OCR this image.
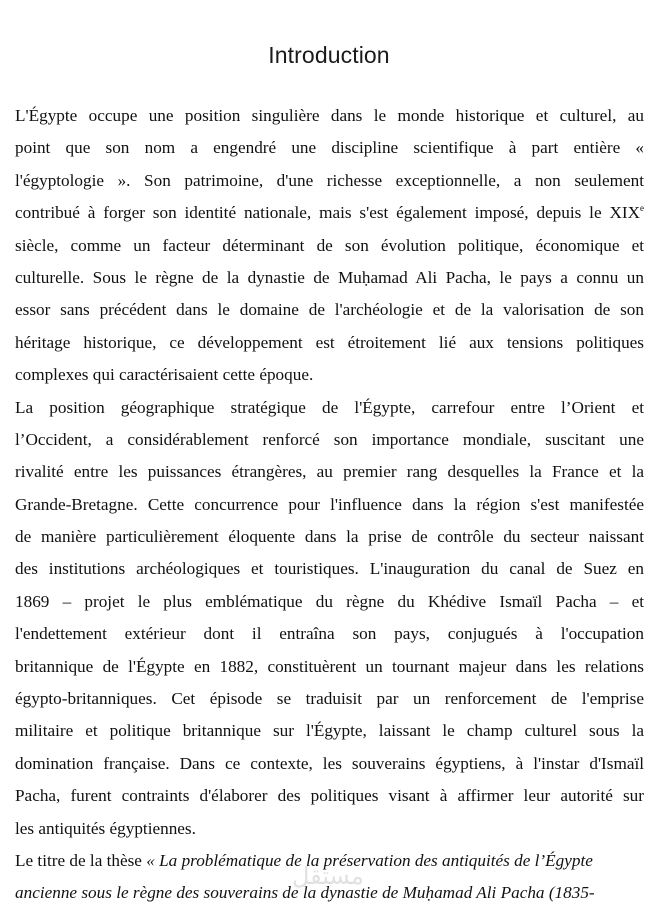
Introduction

L'Égypte occupe une position singulière dans le monde historique et culturel, au
point que son nom a engendré une discipline scientifique à part entière «
l'égyptologie ». Son patrimoine, d'une richesse exceptionnelle, a non seulement
contribué à forger son identité nationale, mais s'est également imposé, depuis le XIXe
siècle, comme un facteur déterminant de son évolution politique, économique et
culturelle. Sous le règne de la dynastie de Muḥamad Ali Pacha, le pays a connu un
essor sans précédent dans le domaine de l'archéologie et de la valorisation de son
héritage historique, ce développement est étroitement lié aux tensions politiques
complexes qui caractérisaient cette époque.

La position géographique stratégique de l'Égypte, carrefour entre l’Orient et
l’Occident, a considérablement renforcé son importance mondiale, suscitant une
rivalité entre les puissances étrangères, au premier rang desquelles la France et la
Grande-Bretagne. Cette concurrence pour l'influence dans la région s'est manifestée
de manière particulièrement éloquente dans la prise de contrôle du secteur naissant
des institutions archéologiques et touristiques. L'inauguration du canal de Suez en
1869 – projet le plus emblématique du règne du Khédive Ismaïl Pacha – et
l'endettement extérieur dont il entraîna son pays, conjugués à l'occupation
britannique de l'Égypte en 1882, constituèrent un tournant majeur dans les relations
égypto-britanniques. Cet épisode se traduisit par un renforcement de l'emprise
militaire et politique britannique sur l'Égypte, laissant le champ culturel sous la
domination française. Dans ce contexte, les souverains égyptiens, à l'instar d'Ismaïl
Pacha, furent contraints d'élaborer des politiques visant à affirmer leur autorité sur
les antiquités égyptiennes.

Le titre de la thèse « La problématique de la préservation des antiquités de l’Égypte
ancienne sous le règne des souverains de la dynastie de Muḥamad Ali Pacha (1835-

مستقل
